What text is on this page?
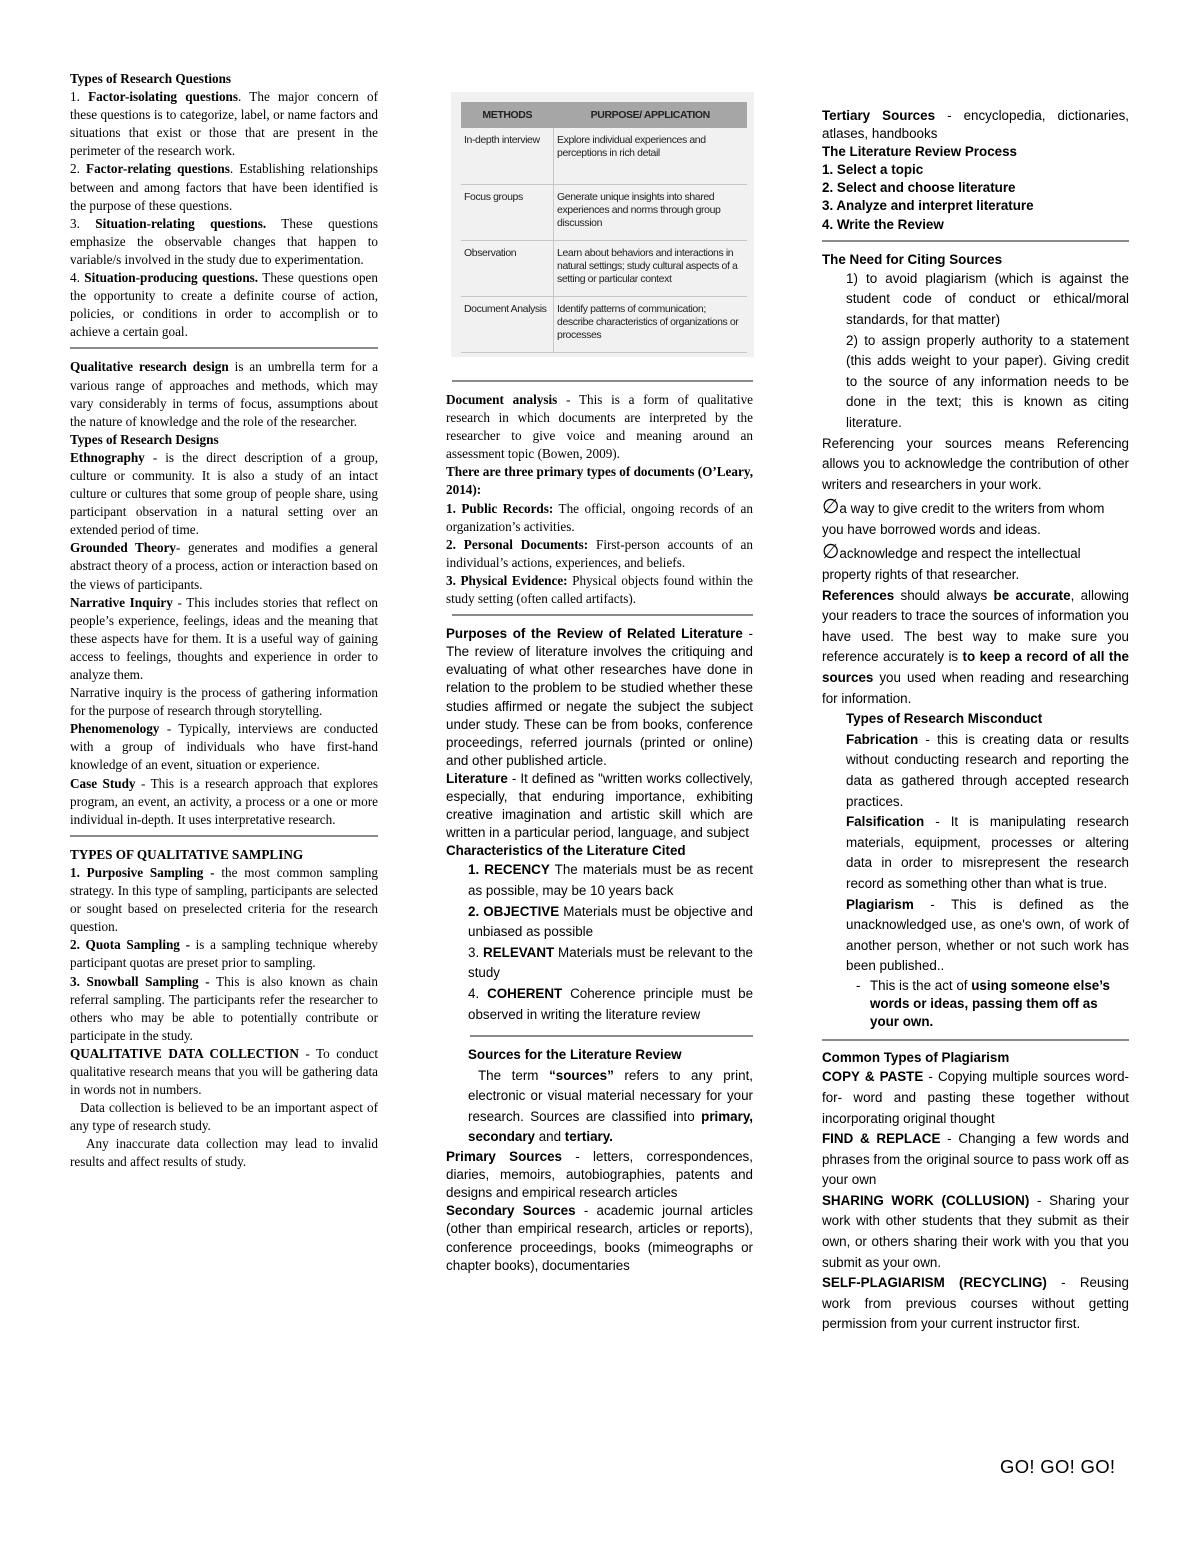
Types of Research Questions

1. Factor-isolating questions. The major concern of these questions is to categorize, label, or name factors and situations that exist or those that are present in the perimeter of the research work.

2. Factor-relating questions. Establishing relationships between and among factors that have been identified is the purpose of these questions.

3. Situation-relating questions. These questions emphasize the observable changes that happen to variable/s involved in the study due to experimentation.

4. Situation-producing questions. These questions open the opportunity to create a definite course of action, policies, or conditions in order to accomplish or to achieve a certain goal.

Qualitative research design is an umbrella term for a various range of approaches and methods, which may vary considerably in terms of focus, assumptions about the nature of knowledge and the role of the researcher.

Types of Research Designs

Ethnography - is the direct description of a group, culture or community. It is also a study of an intact culture or cultures that some group of people share, using participant observation in a natural setting over an extended period of time.

Grounded Theory- generates and modifies a general abstract theory of a process, action or interaction based on the views of participants.

Narrative Inquiry - This includes stories that reflect on people’s experience, feelings, ideas and the meaning that these aspects have for them. It is a useful way of gaining access to feelings, thoughts and experience in order to analyze them.

Narrative inquiry is the process of gathering information for the purpose of research through storytelling.

Phenomenology - Typically, interviews are conducted with a group of individuals who have first-hand knowledge of an event, situation or experience.

Case Study - This is a research approach that explores program, an event, an activity, a process or a one or more individual in-depth. It uses interpretative research.

TYPES OF QUALITATIVE SAMPLING

1. Purposive Sampling - the most common sampling strategy. In this type of sampling, participants are selected or sought based on preselected criteria for the research question.

2. Quota Sampling - is a sampling technique whereby participant quotas are preset prior to sampling.

3. Snowball Sampling - This is also known as chain referral sampling. The participants refer the researcher to others who may be able to potentially contribute or participate in the study.

QUALITATIVE DATA COLLECTION - To conduct qualitative research means that you will be gathering data in words not in numbers.

Data collection is believed to be an important aspect of any type of research study.

Any inaccurate data collection may lead to invalid results and affect results of study.

METHODS	PURPOSE/ APPLICATION
In-depth interview	Explore individual experiences and perceptions in rich detail
Focus groups	Generate unique insights into shared experiences and norms through group discussion
Observation	Learn about behaviors and interactions in natural settings; study cultural aspects of a setting or particular context
Document Analysis	Identify patterns of communication; describe characteristics of organizations or processes

Document analysis - This is a form of qualitative research in which documents are interpreted by the researcher to give voice and meaning around an assessment topic (Bowen, 2009).

There are three primary types of documents (O’Leary, 2014):

1. Public Records: The official, ongoing records of an organization’s activities.

2. Personal Documents: First-person accounts of an individual’s actions, experiences, and beliefs.

3. Physical Evidence: Physical objects found within the study setting (often called artifacts).

Purposes of the Review of Related Literature - The review of literature involves the critiquing and evaluating of what other researches have done in relation to the problem to be studied whether these studies affirmed or negate the subject the subject under study. These can be from books, conference proceedings, referred journals (printed or online) and other published article.

Literature - It defined as "written works collectively, especially, that enduring importance, exhibiting creative imagination and artistic skill which are written in a particular period, language, and subject

Characteristics of the Literature Cited

1. RECENCY The materials must be as recent as possible, may be 10 years back

2. OBJECTIVE Materials must be objective and unbiased as possible

3. RELEVANT Materials must be relevant to the study

4. COHERENT Coherence principle must be observed in writing the literature review

Sources for the Literature Review

The term “sources” refers to any print, electronic or visual material necessary for your research. Sources are classified into primary, secondary and tertiary.

Primary Sources - letters, correspondences, diaries, memoirs, autobiographies, patents and designs and empirical research articles

Secondary Sources - academic journal articles (other than empirical research, articles or reports), conference proceedings, books (mimeographs or chapter books), documentaries

Tertiary Sources - encyclopedia, dictionaries, atlases, handbooks

The Literature Review Process

1. Select a topic

2. Select and choose literature

3. Analyze and interpret literature

4. Write the Review

The Need for Citing Sources

1) to avoid plagiarism (which is against the student code of conduct or ethical/moral standards, for that matter)

2) to assign properly authority to a statement (this adds weight to your paper). Giving credit to the source of any information needs to be done in the text; this is known as citing literature.

Referencing your sources means Referencing allows you to acknowledge the contribution of other writers and researchers in your work.

∅a way to give credit to the writers from whom you have borrowed words and ideas.

∅acknowledge and respect the intellectual property rights of that researcher.

References should always be accurate, allowing your readers to trace the sources of information you have used. The best way to make sure you reference accurately is to keep a record of all the sources you used when reading and researching for information.

Types of Research Misconduct

Fabrication - this is creating data or results without conducting research and reporting the data as gathered through accepted research practices.

Falsification - It is manipulating research materials, equipment, processes or altering data in order to misrepresent the research record as something other than what is true.

Plagiarism - This is defined as the unacknowledged use, as one's own, of work of another person, whether or not such work has been published..

- This is the act of using someone else’s words or ideas, passing them off as your own.

Common Types of Plagiarism

COPY & PASTE - Copying multiple sources word-for- word and pasting these together without incorporating original thought

FIND & REPLACE - Changing a few words and phrases from the original source to pass work off as your own

SHARING WORK (COLLUSION) - Sharing your work with other students that they submit as their own, or others sharing their work with you that you submit as your own.

SELF-PLAGIARISM (RECYCLING) - Reusing work from previous courses without getting permission from your current instructor first.

GO! GO! GO!
